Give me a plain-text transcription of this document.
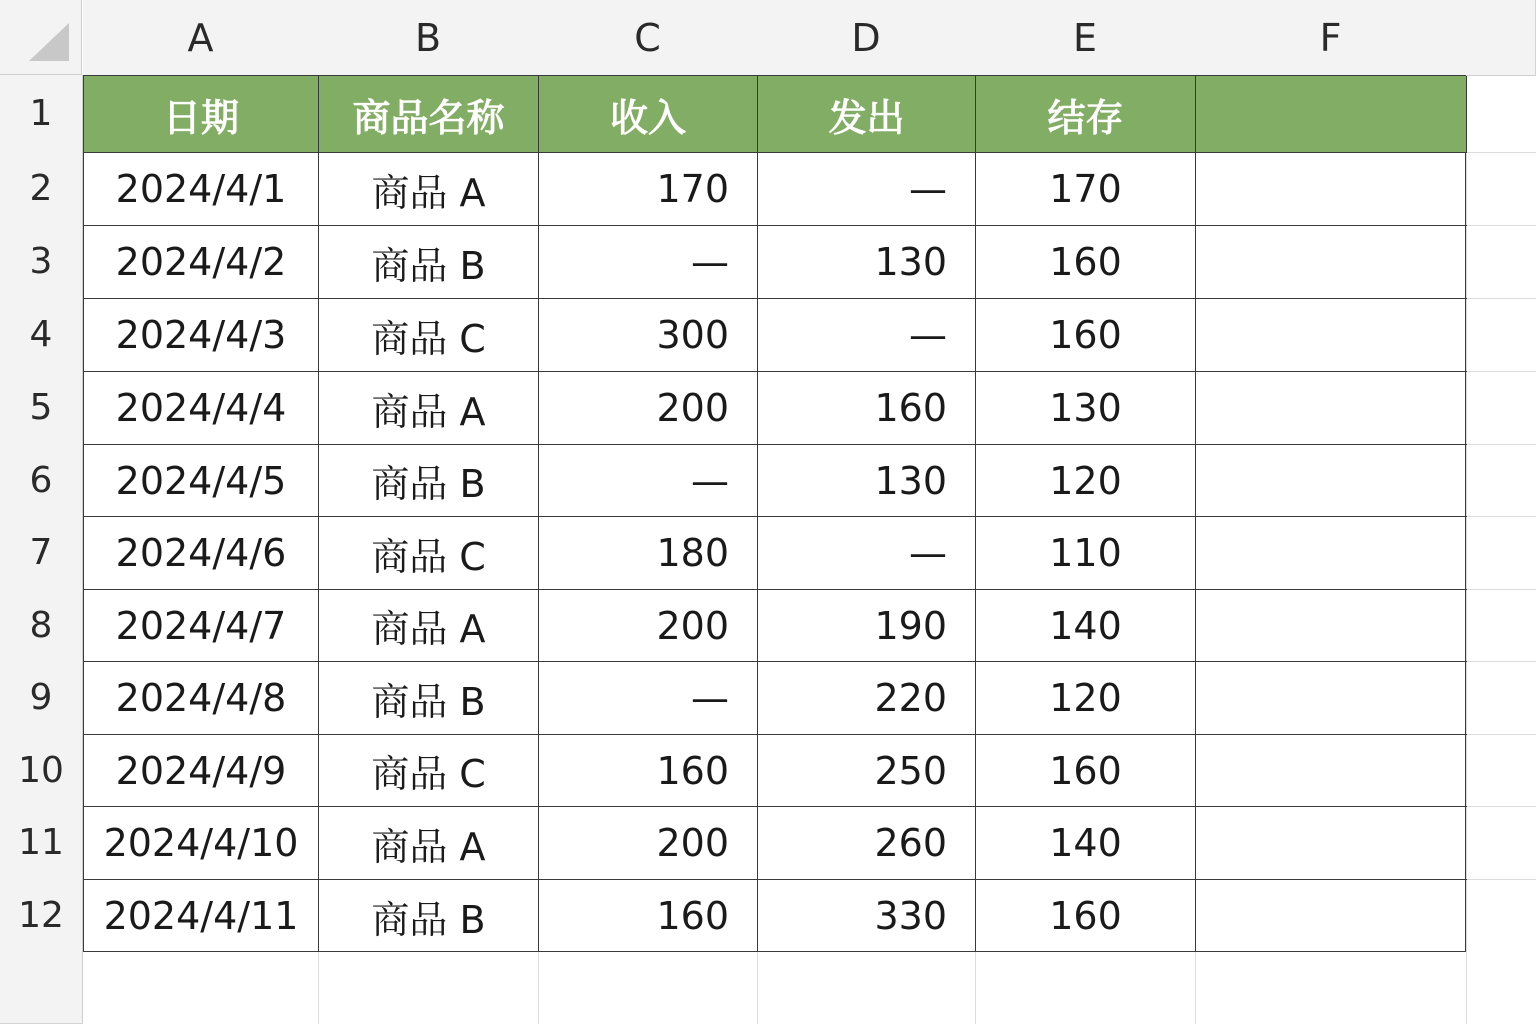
A	B	C	D	E	F
1
2
3
4
5
6
7
8
9
10
11
12
日期	商品名称	收入	发出	结存
2024/4/1	商品 A	170	—	170
2024/4/2	商品 B	—	130	160
2024/4/3	商品 C	300	—	160
2024/4/4	商品 A	200	160	130
2024/4/5	商品 B	—	130	120
2024/4/6	商品 C	180	—	110
2024/4/7	商品 A	200	190	140
2024/4/8	商品 B	—	220	120
2024/4/9	商品 C	160	250	160
2024/4/10	商品 A	200	260	140
2024/4/11	商品 B	160	330	160
